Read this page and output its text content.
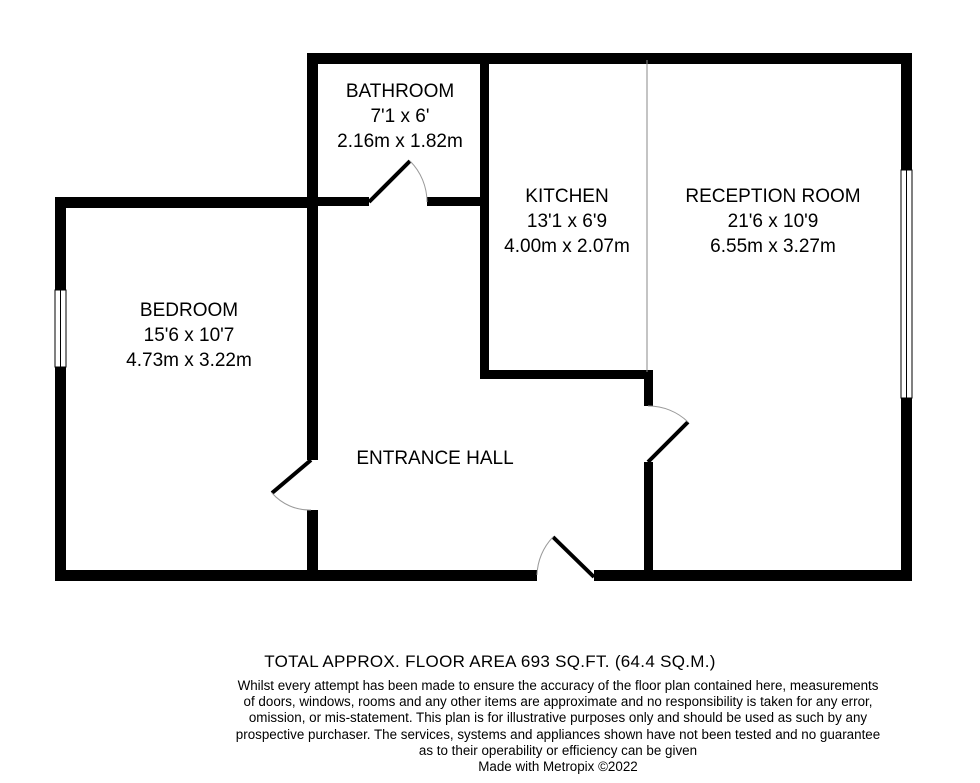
BATHROOM
7'1 x 6'
2.16m x 1.82m
KITCHEN
13'1 x 6'9
4.00m x 2.07m
RECEPTION ROOM
21'6 x 10'9
6.55m x 3.27m
BEDROOM
15'6 x 10'7
4.73m x 3.22m
ENTRANCE HALL
TOTAL APPROX. FLOOR AREA 693 SQ.FT. (64.4 SQ.M.)
Whilst every attempt has been made to ensure the accuracy of the floor plan contained here, measurements
of doors, windows, rooms and any other items are approximate and no responsibility is taken for any error,
omission, or mis-statement. This plan is for illustrative purposes only and should be used as such by any
prospective purchaser. The services, systems and appliances shown have not been tested and no guarantee
as to their operability or efficiency can be given
Made with Metropix ©2022
